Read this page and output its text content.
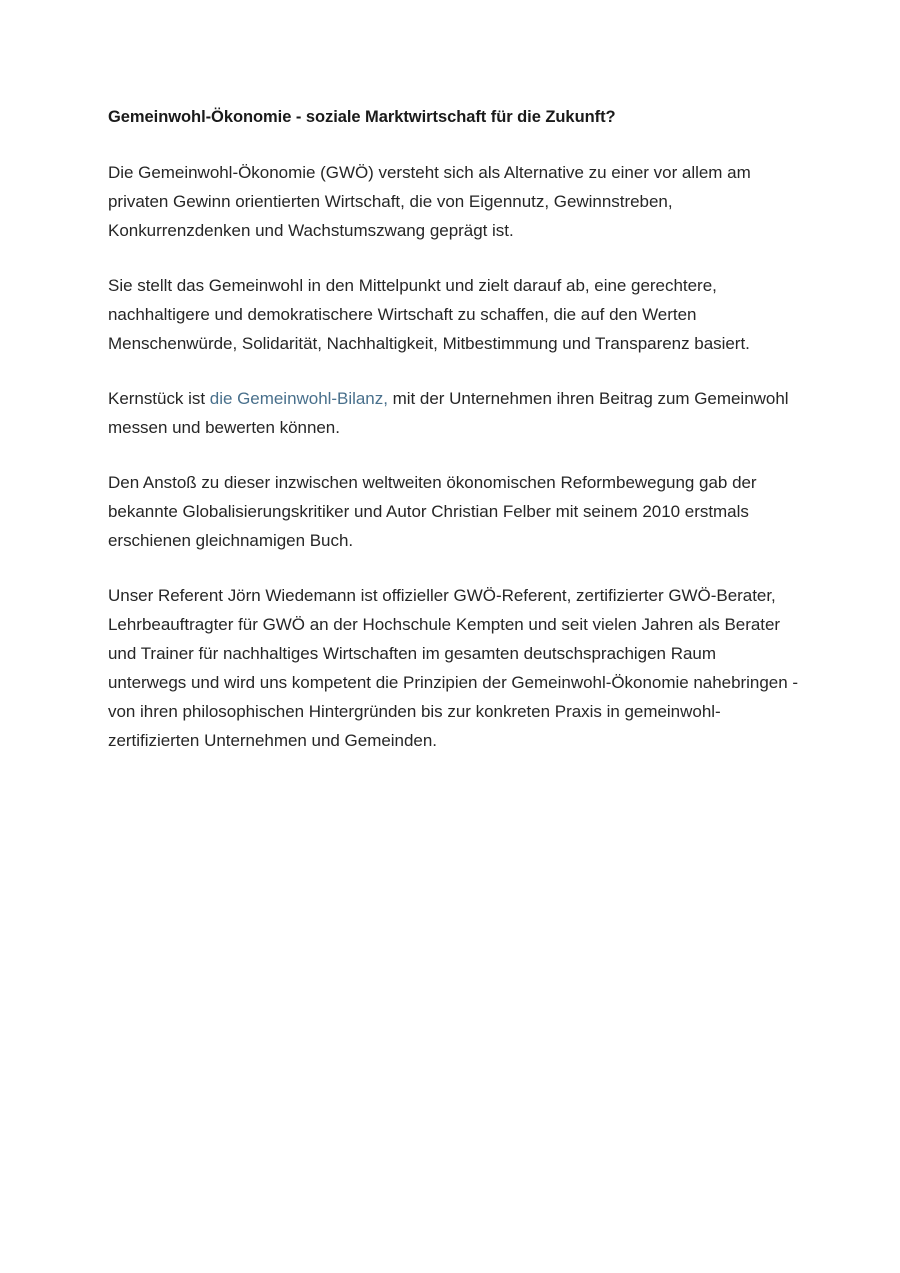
Gemeinwohl-Ökonomie - soziale Marktwirtschaft für die Zukunft?

Die Gemeinwohl-Ökonomie (GWÖ) versteht sich als Alternative zu einer vor allem am privaten Gewinn orientierten Wirtschaft, die von Eigennutz, Gewinnstreben, Konkurrenzdenken und Wachstumszwang geprägt ist.

Sie stellt das Gemeinwohl in den Mittelpunkt und zielt darauf ab, eine gerechtere, nachhaltigere und demokratischere Wirtschaft zu schaffen, die auf den Werten Menschenwürde, Solidarität, Nachhaltigkeit, Mitbestimmung und Transparenz basiert.

Kernstück ist die Gemeinwohl-Bilanz, mit der Unternehmen ihren Beitrag zum Gemeinwohl messen und bewerten können.

Den Anstoß zu dieser inzwischen weltweiten ökonomischen Reformbewegung gab der bekannte Globalisierungskritiker und Autor Christian Felber mit seinem 2010 erstmals erschienen gleichnamigen Buch.

Unser Referent Jörn Wiedemann ist offizieller GWÖ-Referent, zertifizierter GWÖ-Berater, Lehrbeauftragter für GWÖ an der Hochschule Kempten und seit vielen Jahren als Berater und Trainer für nachhaltiges Wirtschaften im gesamten deutschsprachigen Raum unterwegs und wird uns kompetent die Prinzipien der Gemeinwohl-Ökonomie nahebringen - von ihren philosophischen Hintergründen bis zur konkreten Praxis in gemeinwohl-zertifizierten Unternehmen und Gemeinden.
